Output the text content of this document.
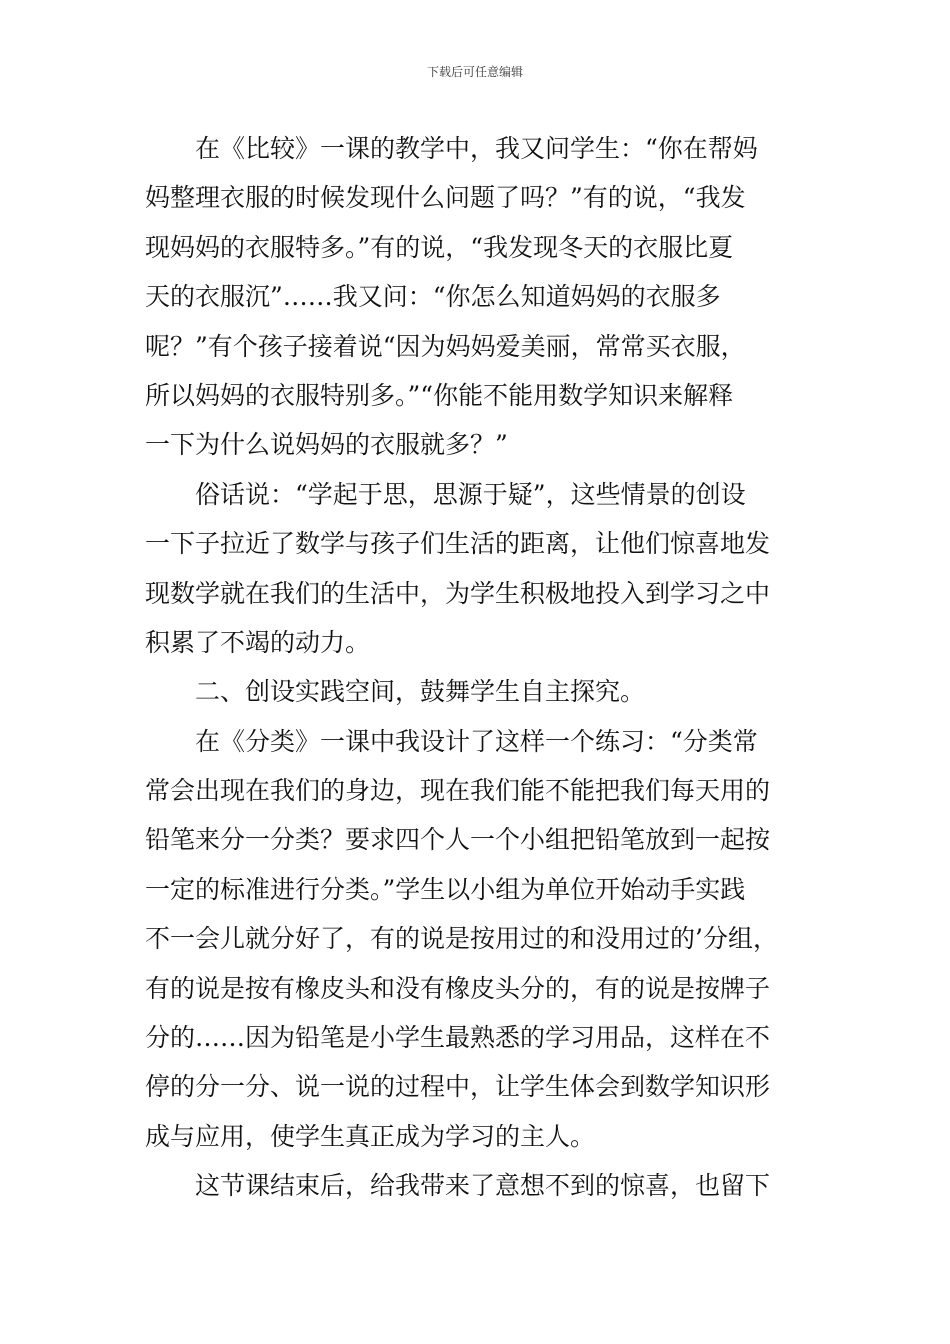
下载后可任意编辑
在《比较》一课的教学中，我又问学生：“你在帮妈
妈整理衣服的时候发现什么问题了吗？”有的说，“我发
现妈妈的衣服特多。”有的说，“我发现冬天的衣服比夏
天的衣服沉”……我又问：“你怎么知道妈妈的衣服多
呢？”有个孩子接着说“因为妈妈爱美丽，常常买衣服，
所以妈妈的衣服特别多。”“你能不能用数学知识来解释
一下为什么说妈妈的衣服就多？”
俗话说：“学起于思，思源于疑”，这些情景的创设
一下子拉近了数学与孩子们生活的距离，让他们惊喜地发
现数学就在我们的生活中，为学生积极地投入到学习之中
积累了不竭的动力。
二、创设实践空间，鼓舞学生自主探究。
在《分类》一课中我设计了这样一个练习：“分类常
常会出现在我们的身边，现在我们能不能把我们每天用的
铅笔来分一分类？要求四个人一个小组把铅笔放到一起按
一定的标准进行分类。”学生以小组为单位开始动手实践
不一会儿就分好了，有的说是按用过的和没用过的’分组，
有的说是按有橡皮头和没有橡皮头分的，有的说是按牌子
分的……因为铅笔是小学生最熟悉的学习用品，这样在不
停的分一分、说一说的过程中，让学生体会到数学知识形
成与应用，使学生真正成为学习的主人。
这节课结束后，给我带来了意想不到的惊喜，也留下
